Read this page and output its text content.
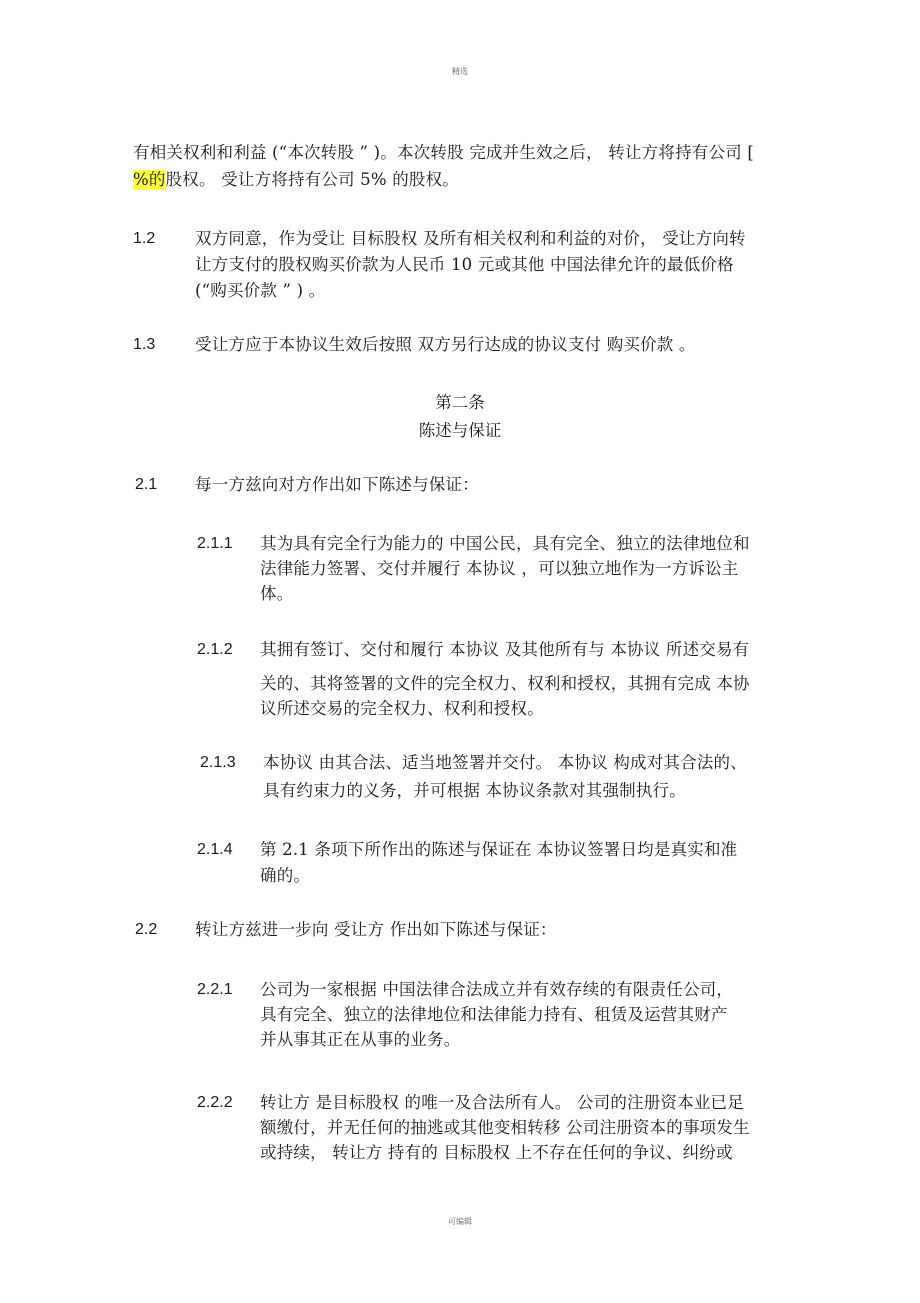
精选
有相关权利和利益 (“本次转股 ” )。本次转股 完成并生效之后， 转让方将持有公司 [
%的股权。 受让方将持有公司 5% 的股权。
1.2 双方同意，作为受让 目标股权 及所有相关权利和利益的对价， 受让方向转
让方支付的股权购买价款为人民币 10 元或其他 中国法律允许的最低价格
(“购买价款 ” ) 。
1.3 受让方应于本协议生效后按照 双方另行达成的协议支付 购买价款 。
第二条
陈述与保证
2.1 每一方兹向对方作出如下陈述与保证：
2.1.1 其为具有完全行为能力的 中国公民，具有完全、独立的法律地位和
法律能力签署、交付并履行 本协议 ，可以独立地作为一方诉讼主
体。
2.1.2 其拥有签订、交付和履行 本协议 及其他所有与 本协议 所述交易有
关的、其将签署的文件的完全权力、权利和授权，其拥有完成 本协
议所述交易的完全权力、权利和授权。
2.1.3 本协议 由其合法、适当地签署并交付。 本协议 构成对其合法的、
具有约束力的义务，并可根据 本协议条款对其强制执行。
2.1.4 第 2.1 条项下所作出的陈述与保证在 本协议签署日均是真实和准
确的。
2.2 转让方兹进一步向 受让方 作出如下陈述与保证：
2.2.1 公司为一家根据 中国法律合法成立并有效存续的有限责任公司，
具有完全、独立的法律地位和法律能力持有、租赁及运营其财产
并从事其正在从事的业务。
2.2.2 转让方 是目标股权 的唯一及合法所有人。 公司的注册资本业已足
额缴付，并无任何的抽逃或其他变相转移 公司注册资本的事项发生
或持续， 转让方 持有的 目标股权 上不存在任何的争议、纠纷或
可编辑
